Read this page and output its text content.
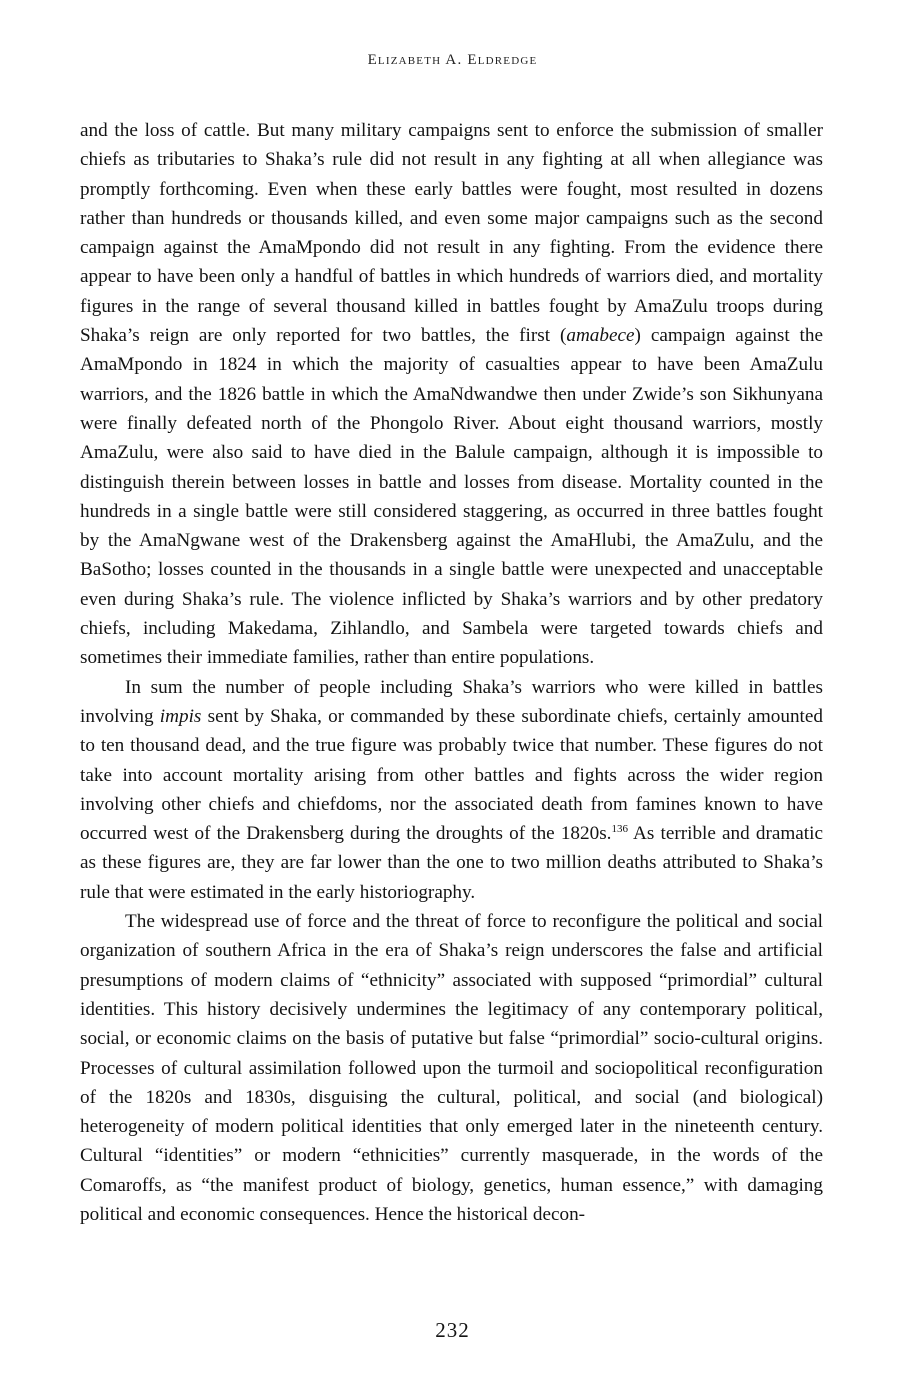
Elizabeth A. Eldredge

and the loss of cattle. But many military campaigns sent to enforce the submission of smaller chiefs as tributaries to Shaka’s rule did not result in any fighting at all when allegiance was promptly forthcoming. Even when these early battles were fought, most resulted in dozens rather than hundreds or thousands killed, and even some major campaigns such as the second campaign against the AmaMpondo did not result in any fighting. From the evidence there appear to have been only a handful of battles in which hundreds of warriors died, and mortality figures in the range of several thousand killed in battles fought by AmaZulu troops during Shaka’s reign are only reported for two battles, the first (amabece) campaign against the AmaMpondo in 1824 in which the majority of casualties appear to have been AmaZulu warriors, and the 1826 battle in which the AmaNdwandwe then under Zwide’s son Sikhunyana were finally defeated north of the Phongolo River. About eight thousand warriors, mostly AmaZulu, were also said to have died in the Balule campaign, although it is impossible to distinguish therein between losses in battle and losses from disease. Mortality counted in the hundreds in a single battle were still considered staggering, as occurred in three battles fought by the AmaNgwane west of the Drakensberg against the AmaHlubi, the AmaZulu, and the BaSotho; losses counted in the thousands in a single battle were unexpected and unacceptable even during Shaka’s rule. The violence inflicted by Shaka’s warriors and by other predatory chiefs, including Makedama, Zihlandlo, and Sambela were targeted towards chiefs and sometimes their immediate families, rather than entire populations.

In sum the number of people including Shaka’s warriors who were killed in battles involving impis sent by Shaka, or commanded by these subordinate chiefs, certainly amounted to ten thousand dead, and the true figure was probably twice that number. These figures do not take into account mortality arising from other battles and fights across the wider region involving other chiefs and chiefdoms, nor the associated death from famines known to have occurred west of the Drakensberg during the droughts of the 1820s.$^{136}$ As terrible and dramatic as these figures are, they are far lower than the one to two million deaths attributed to Shaka’s rule that were estimated in the early historiography.

The widespread use of force and the threat of force to reconfigure the political and social organization of southern Africa in the era of Shaka’s reign underscores the false and artificial presumptions of modern claims of “ethnicity” associated with supposed “primordial” cultural identities. This history decisively undermines the legitimacy of any contemporary political, social, or economic claims on the basis of putative but false “primordial” socio-cultural origins. Processes of cultural assimilation followed upon the turmoil and sociopolitical reconfiguration of the 1820s and 1830s, disguising the cultural, political, and social (and biological) heterogeneity of modern political identities that only emerged later in the nineteenth century. Cultural “identities” or modern “ethnicities” currently masquerade, in the words of the Comaroffs, as “the manifest product of biology, genetics, human essence,” with damaging political and economic consequences. Hence the historical decon-

232
